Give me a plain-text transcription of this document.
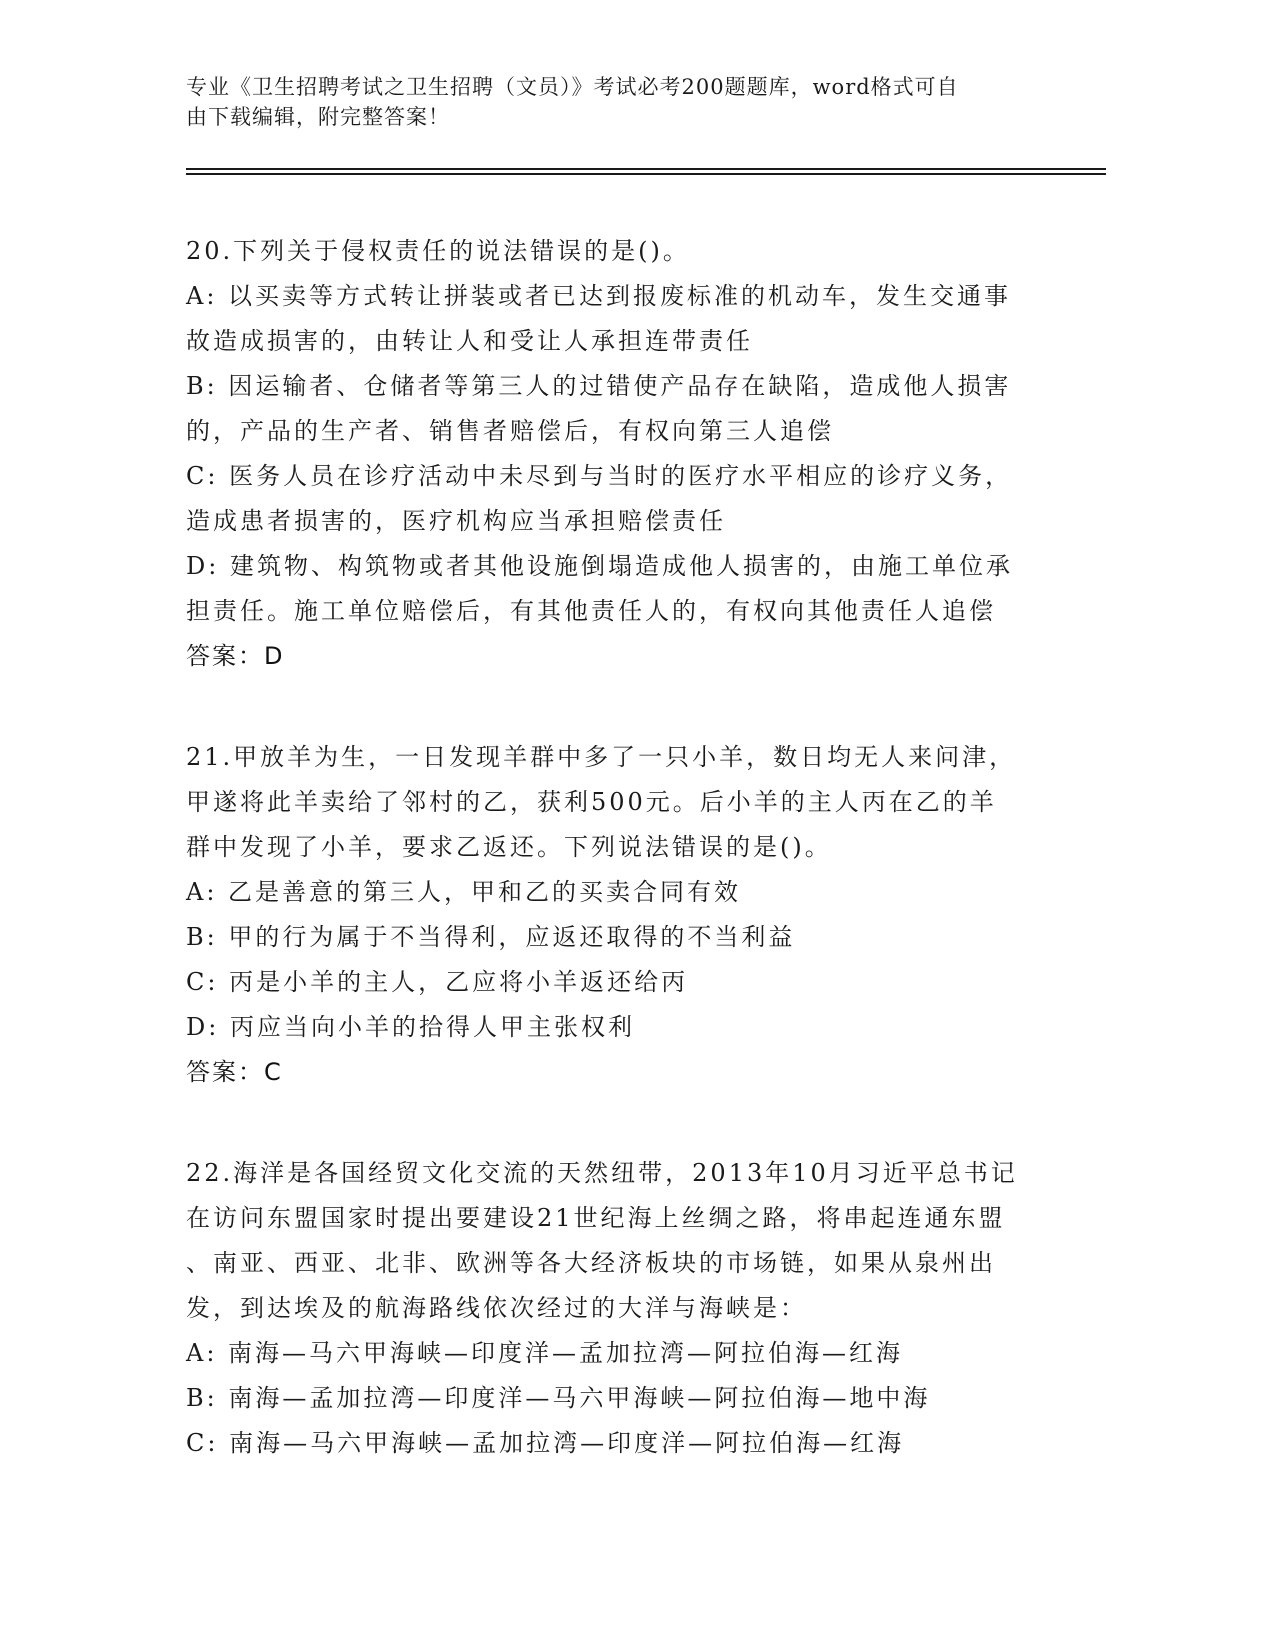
专业《卫生招聘考试之卫生招聘（文员）》考试必考200题题库，word格式可自

由下载编辑，附完整答案！

20.下列关于侵权责任的说法错误的是()。

A: 以买卖等方式转让拼装或者已达到报废标准的机动车，发生交通事

故造成损害的，由转让人和受让人承担连带责任

B: 因运输者、仓储者等第三人的过错使产品存在缺陷，造成他人损害

的，产品的生产者、销售者赔偿后，有权向第三人追偿

C: 医务人员在诊疗活动中未尽到与当时的医疗水平相应的诊疗义务，

造成患者损害的，医疗机构应当承担赔偿责任

D: 建筑物、构筑物或者其他设施倒塌造成他人损害的，由施工单位承

担责任。施工单位赔偿后，有其他责任人的，有权向其他责任人追偿

答案：D

21.甲放羊为生，一日发现羊群中多了一只小羊，数日均无人来问津，

甲遂将此羊卖给了邻村的乙，获利500元。后小羊的主人丙在乙的羊

群中发现了小羊，要求乙返还。下列说法错误的是()。

A: 乙是善意的第三人，甲和乙的买卖合同有效

B: 甲的行为属于不当得利，应返还取得的不当利益

C: 丙是小羊的主人，乙应将小羊返还给丙

D: 丙应当向小羊的拾得人甲主张权利

答案：C

22.海洋是各国经贸文化交流的天然纽带，2013年10月习近平总书记

在访问东盟国家时提出要建设21世纪海上丝绸之路，将串起连通东盟

、南亚、西亚、北非、欧洲等各大经济板块的市场链，如果从泉州出

发，到达埃及的航海路线依次经过的大洋与海峡是：

A: 南海—马六甲海峡—印度洋—孟加拉湾—阿拉伯海—红海

B: 南海—孟加拉湾—印度洋—马六甲海峡—阿拉伯海—地中海

C: 南海—马六甲海峡—孟加拉湾—印度洋—阿拉伯海—红海
